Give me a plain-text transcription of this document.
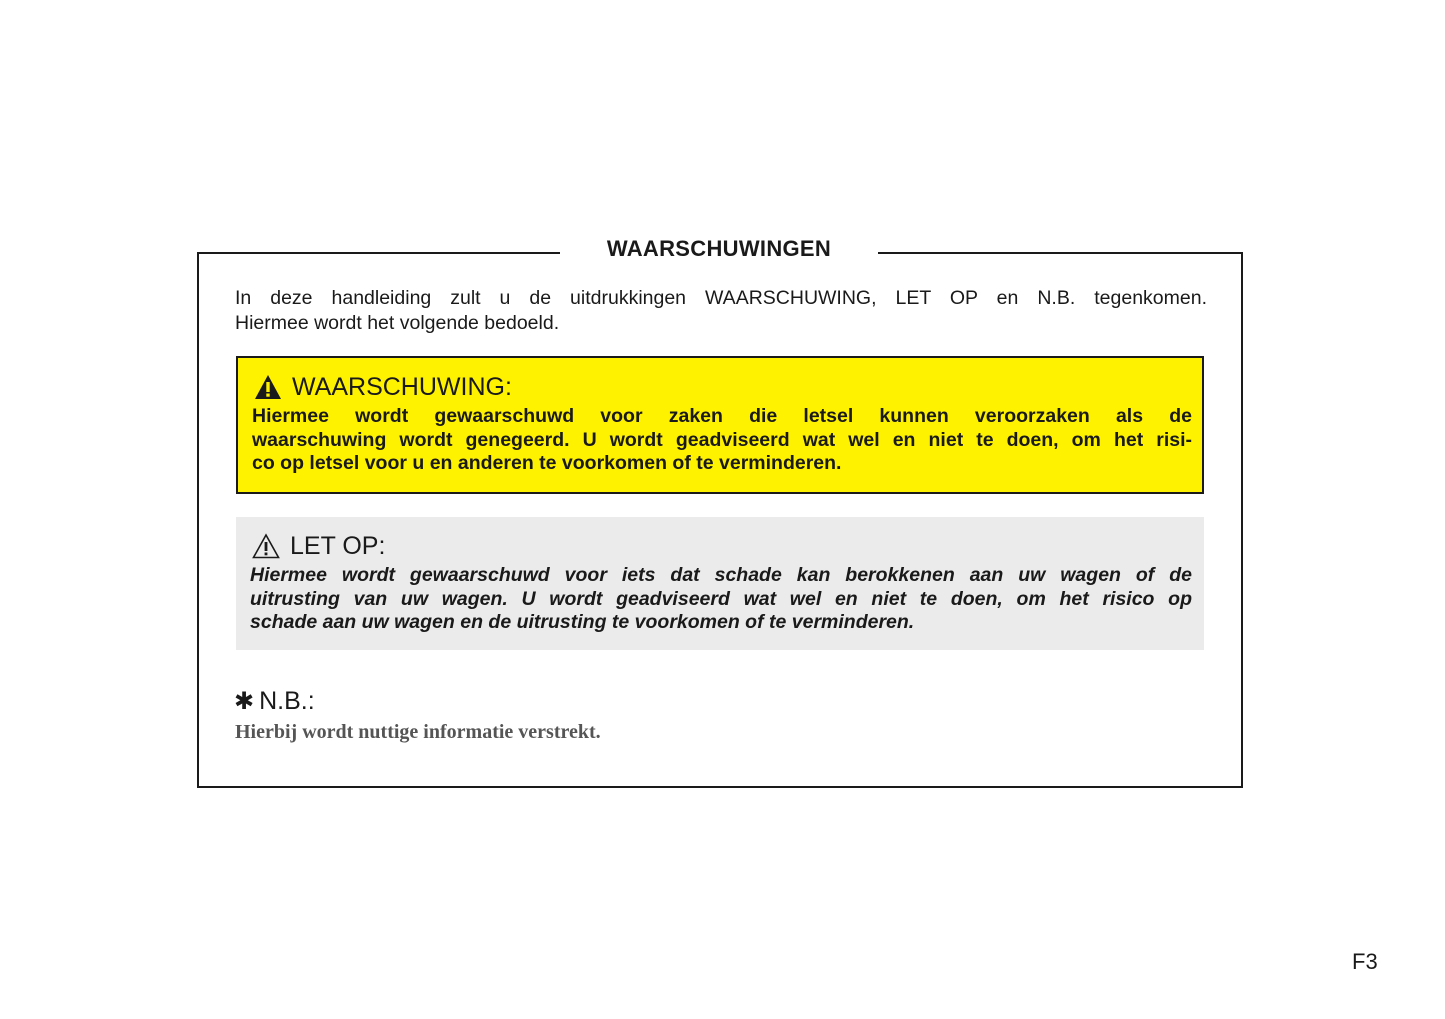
WAARSCHUWINGEN
In deze handleiding zult u de uitdrukkingen WAARSCHUWING, LET OP en N.B. tegenkomen.
Hiermee wordt het volgende bedoeld.
WAARSCHUWING:
Hiermee wordt gewaarschuwd voor zaken die letsel kunnen veroorzaken als de
waarschuwing wordt genegeerd. U wordt geadviseerd wat wel en niet te doen, om het risi-
co op letsel voor u en anderen te voorkomen of te verminderen.
LET OP:
Hiermee wordt gewaarschuwd voor iets dat schade kan berokkenen aan uw wagen of de
uitrusting van uw wagen. U wordt geadviseerd wat wel en niet te doen, om het risico op
schade aan uw wagen en de uitrusting te voorkomen of te verminderen.
✱ N.B.:
Hierbij wordt nuttige informatie verstrekt.
F3
